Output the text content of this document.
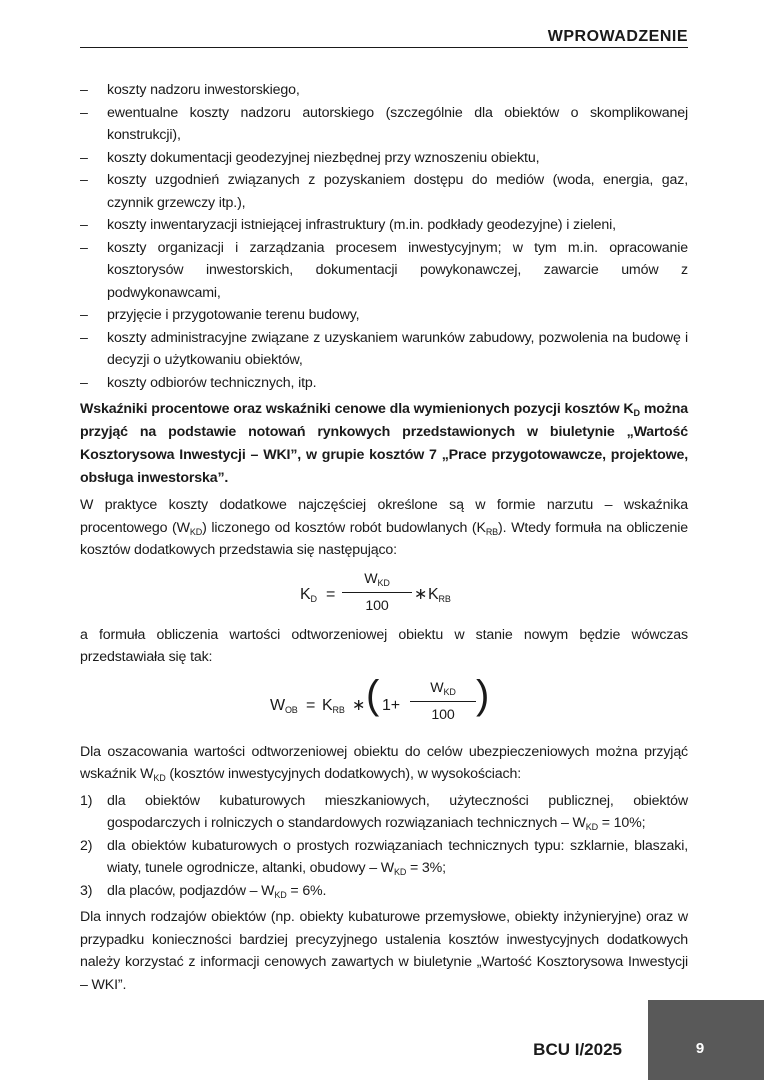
WPROWADZENIE
– koszty nadzoru inwestorskiego,
– ewentualne koszty nadzoru autorskiego (szczególnie dla obiektów o skomplikowanej konstrukcji),
– koszty dokumentacji geodezyjnej niezbędnej przy wznoszeniu obiektu,
– koszty uzgodnień związanych z pozyskaniem dostępu do mediów (woda, energia, gaz, czynnik grzewczy itp.),
– koszty inwentaryzacji istniejącej infrastruktury (m.in. podkłady geodezyjne) i zieleni,
– koszty organizacji i zarządzania procesem inwestycyjnym; w tym m.in. opracowanie kosztorysów inwestorskich, dokumentacji powykonawczej, zawarcie umów z podwykonawcami,
– przyjęcie i przygotowanie terenu budowy,
– koszty administracyjne związane z uzyskaniem warunków zabudowy, pozwolenia na budowę i decyzji o użytkowaniu obiektów,
– koszty odbiorów technicznych, itp.

Wskaźniki procentowe oraz wskaźniki cenowe dla wymienionych pozycji kosztów $K_D$ można przyjąć na podstawie notowań rynkowych przedstawionych w biuletynie „Wartość Kosztorysowa Inwestycji – WKI”, w grupie kosztów 7 „Prace przygotowawcze, projektowe, obsługa inwestorska”.

W praktyce koszty dodatkowe najczęściej określone są w formie narzutu – wskaźnika procentowego $(W_{KD})$ liczonego od kosztów robót budowlanych $(K_{RB})$. Wtedy formuła na obliczenie kosztów dodatkowych przedstawia się następująco:

$K_D$ =
$W_{KD}$
100
∗ $K_{RB}$

a formuła obliczenia wartości odtworzeniowej obiektu w stanie nowym będzie wówczas przedstawiała się tak:

$W_{OB} = K_{RB}$ ∗ ( 1+
$W_{KD}$
100 )

Dla oszacowania wartości odtworzeniowej obiektu do celów ubezpieczeniowych można przyjąć wskaźnik $W_{KD}$ (kosztów inwestycyjnych dodatkowych), w wysokościach:

1) dla obiektów kubaturowych mieszkaniowych, użyteczności publicznej, obiektów gospodarczych i rolniczych o standardowych rozwiązaniach technicznych – $W_{KD} = 10\%$;
2) dla obiektów kubaturowych o prostych rozwiązaniach technicznych typu: szklarnie, blaszaki, wiaty, tunele ogrodnicze, altanki, obudowy – $W_{KD} = 3\%$;
3) dla placów, podjazdów – $W_{KD} = 6\%$.

Dla innych rodzajów obiektów (np. obiekty kubaturowe przemysłowe, obiekty inżynieryjne) oraz w przypadku konieczności bardziej precyzyjnego ustalenia kosztów inwestycyjnych dodatkowych należy korzystać z informacji cenowych zawartych w biuletynie „Wartość Kosztorysowa Inwestycji – WKI”.

BCU I/2025	9
